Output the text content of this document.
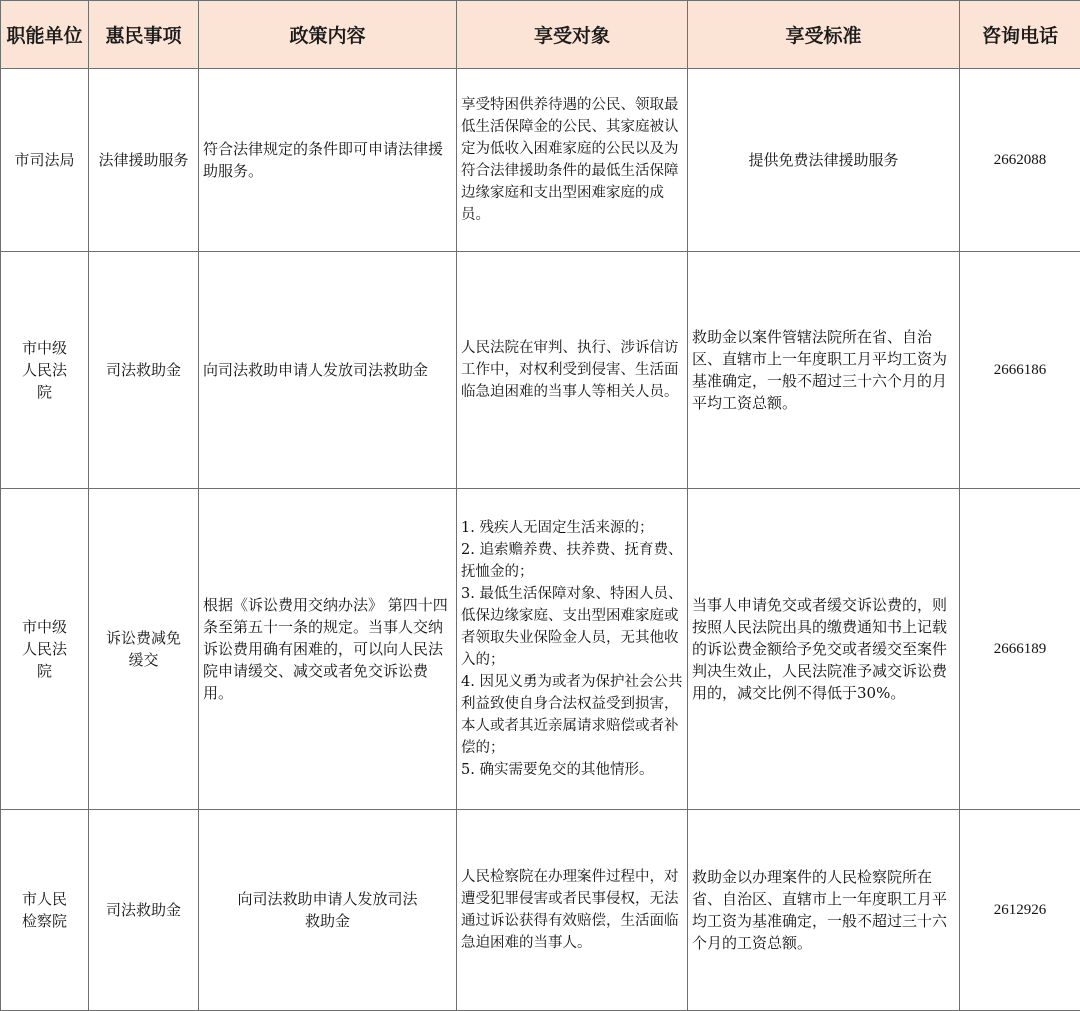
职能单位	惠民事项	政策内容	享受对象	享受标准	咨询电话

市司法局	法律援助服务	符合法律规定的条件即可申请法律援助服务。	享受特困供养待遇的公民、领取最低生活保障金的公民、其家庭被认定为低收入困难家庭的公民以及为符合法律援助条件的最低生活保障边缘家庭和支出型困难家庭的成员。	提供免费法律援助服务	2662088

市中级人民法院	司法救助金	向司法救助申请人发放司法救助金	人民法院在审判、执行、涉诉信访工作中，对权利受到侵害、生活面临急迫困难的当事人等相关人员。	救助金以案件管辖法院所在省、自治区、直辖市上一年度职工月平均工资为基准确定，一般不超过三十六个月的月平均工资总额。	2666186

市中级人民法院	诉讼费减免缓交	根据《诉讼费用交纳办法》 第四十四条至第五十一条的规定。当事人交纳诉讼费用确有困难的，可以向人民法院申请缓交、减交或者免交诉讼费用。	1. 残疾人无固定生活来源的；
2. 追索赡养费、扶养费、抚育费、抚恤金的；
3. 最低生活保障对象、特困人员、低保边缘家庭、支出型困难家庭或者领取失业保险金人员，无其他收入的；
4. 因见义勇为或者为保护社会公共利益致使自身合法权益受到损害，本人或者其近亲属请求赔偿或者补偿的；
5. 确实需要免交的其他情形。	当事人申请免交或者缓交诉讼费的，则按照人民法院出具的缴费通知书上记载的诉讼费金额给予免交或者缓交至案件判决生效止，人民法院准予减交诉讼费用的，减交比例不得低于30%。	2666189

市人民检察院	司法救助金	向司法救助申请人发放司法救助金	人民检察院在办理案件过程中，对遭受犯罪侵害或者民事侵权，无法通过诉讼获得有效赔偿，生活面临急迫困难的当事人。	救助金以办理案件的人民检察院所在省、自治区、直辖市上一年度职工月平均工资为基准确定，一般不超过三十六个月的工资总额。	2612926
